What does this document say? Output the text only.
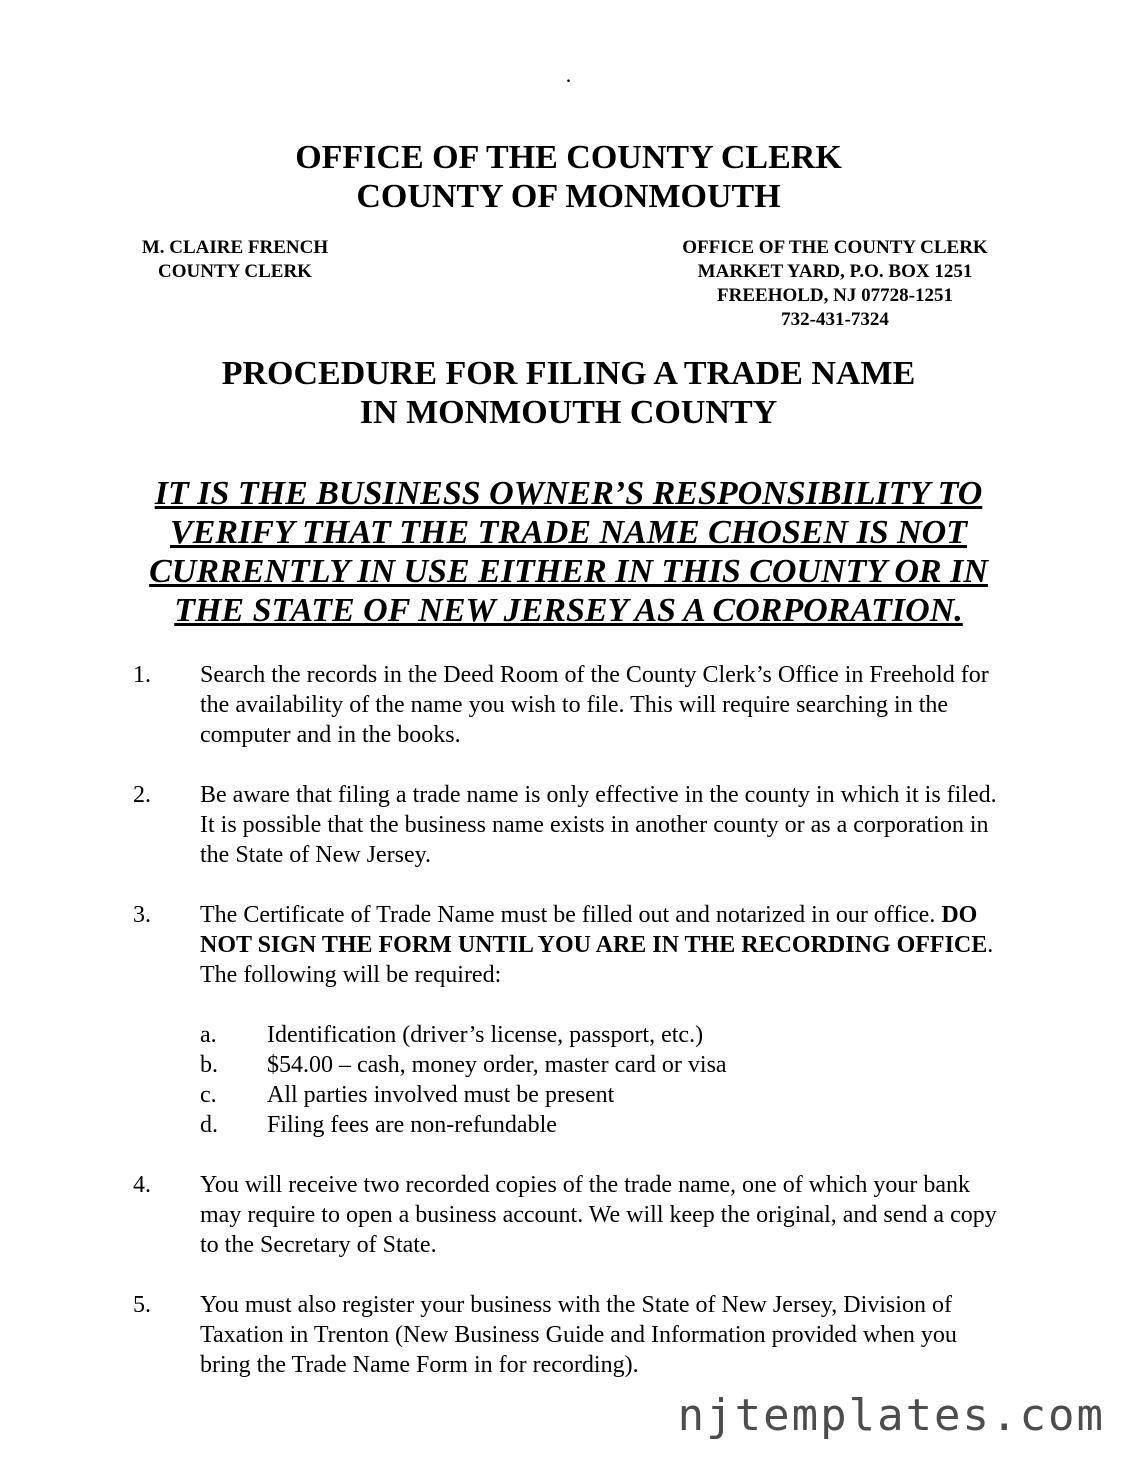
.
OFFICE OF THE COUNTY CLERK
COUNTY OF MONMOUTH
M. CLAIRE FRENCH
COUNTY CLERK
OFFICE OF THE COUNTY CLERK
MARKET YARD, P.O. BOX 1251
FREEHOLD, NJ 07728-1251
732-431-7324
PROCEDURE FOR FILING A TRADE NAME
IN MONMOUTH COUNTY
IT IS THE BUSINESS OWNER’S RESPONSIBILITY TO VERIFY THAT THE TRADE NAME CHOSEN IS NOT CURRENTLY IN USE EITHER IN THIS COUNTY OR IN THE STATE OF NEW JERSEY AS A CORPORATION.
1. Search the records in the Deed Room of the County Clerk’s Office in Freehold for the availability of the name you wish to file. This will require searching in the computer and in the books.
2. Be aware that filing a trade name is only effective in the county in which it is filed. It is possible that the business name exists in another county or as a corporation in the State of New Jersey.
3. The Certificate of Trade Name must be filled out and notarized in our office. DO NOT SIGN THE FORM UNTIL YOU ARE IN THE RECORDING OFFICE. The following will be required:
a. Identification (driver’s license, passport, etc.)
b. $54.00 – cash, money order, master card or visa
c. All parties involved must be present
d. Filing fees are non-refundable
4. You will receive two recorded copies of the trade name, one of which your bank may require to open a business account. We will keep the original, and send a copy to the Secretary of State.
5. You must also register your business with the State of New Jersey, Division of Taxation in Trenton (New Business Guide and Information provided when you bring the Trade Name Form in for recording).
njtemplates.com
